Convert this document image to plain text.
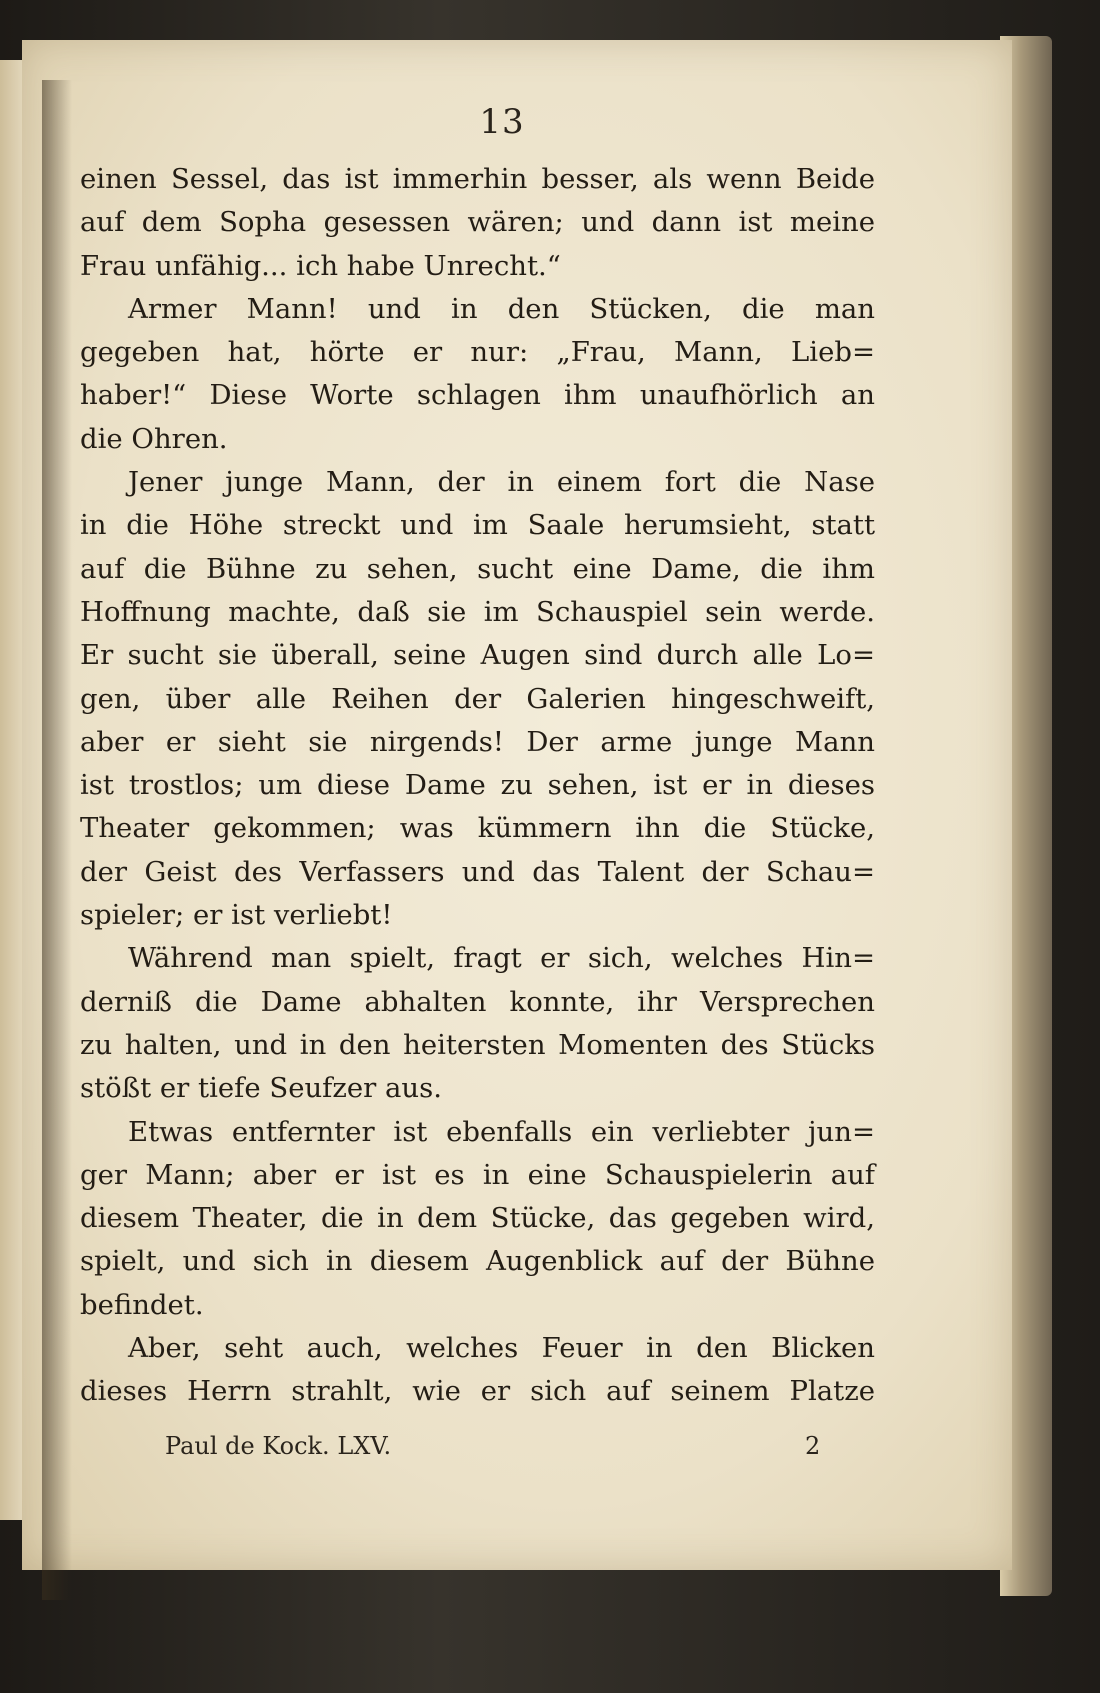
13
einen Sessel, das ist immerhin besser, als wenn Beide
auf dem Sopha gesessen wären; und dann ist meine
Frau unfähig... ich habe Unrecht.“
Armer Mann! und in den Stücken, die man
gegeben hat, hörte er nur: „Frau, Mann, Lieb=
haber!“ Diese Worte schlagen ihm unaufhörlich an
die Ohren.
Jener junge Mann, der in einem fort die Nase
in die Höhe streckt und im Saale herumsieht, statt
auf die Bühne zu sehen, sucht eine Dame, die ihm
Hoffnung machte, daß sie im Schauspiel sein werde.
Er sucht sie überall, seine Augen sind durch alle Lo=
gen, über alle Reihen der Galerien hingeschweift,
aber er sieht sie nirgends! Der arme junge Mann
ist trostlos; um diese Dame zu sehen, ist er in dieses
Theater gekommen; was kümmern ihn die Stücke,
der Geist des Verfassers und das Talent der Schau=
spieler; er ist verliebt!
Während man spielt, fragt er sich, welches Hin=
derniß die Dame abhalten konnte, ihr Versprechen
zu halten, und in den heitersten Momenten des Stücks
stößt er tiefe Seufzer aus.
Etwas entfernter ist ebenfalls ein verliebter jun=
ger Mann; aber er ist es in eine Schauspielerin auf
diesem Theater, die in dem Stücke, das gegeben wird,
spielt, und sich in diesem Augenblick auf der Bühne
befindet.
Aber, seht auch, welches Feuer in den Blicken
dieses Herrn strahlt, wie er sich auf seinem Platze
Paul de Kock. LXV.	2
